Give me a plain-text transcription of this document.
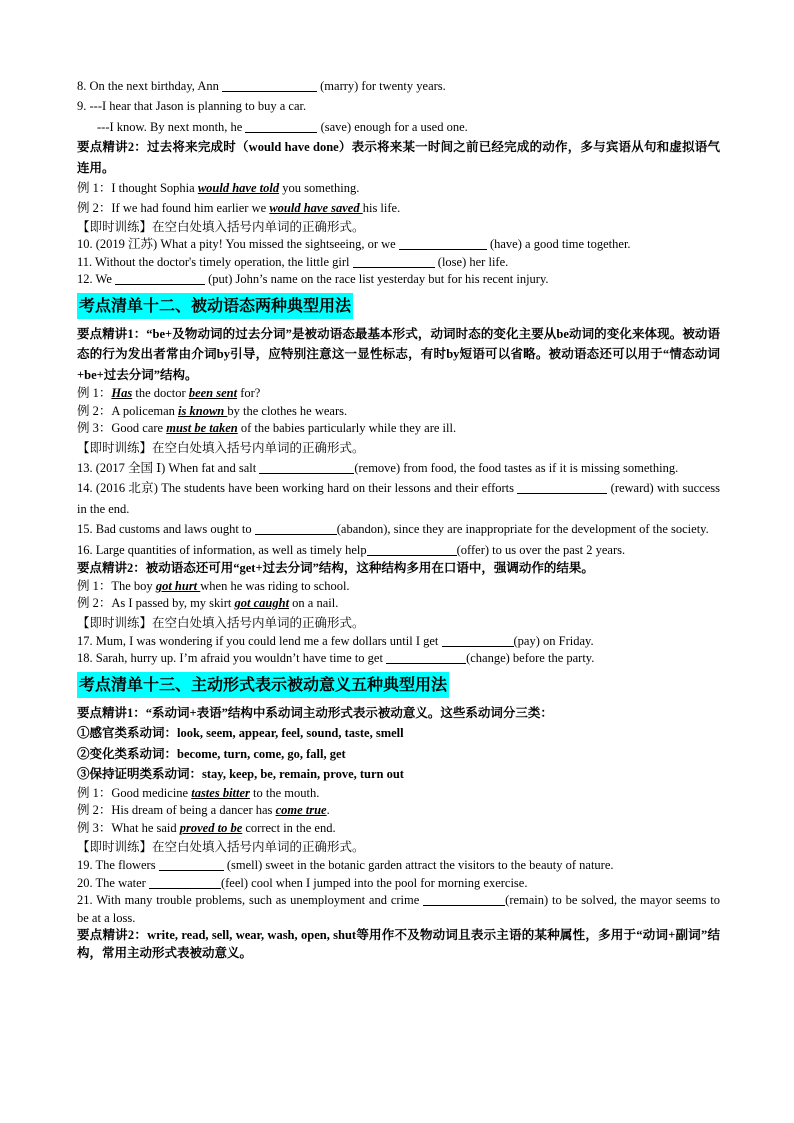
8. On the next birthday, Ann	(marry) for twenty years.
9. ---I hear that Jason is planning to buy a car.
---I know. By next month, he	(save) enough for a used one.
要点精讲2：过去将来完成时（would have done）表示将来某一时间之前已经完成的动作，多与宾语从句和虚拟语气连用。
例 1：I thought Sophia would have told you something.
例 2：If we had found him earlier we would have saved his life.
【即时训练】在空白处填入括号内单词的正确形式。
10. (2019 江苏) What a pity! You missed the sightseeing, or we	(have) a good time together.
11. Without the doctor's timely operation, the little girl	(lose) her life.
12. We	(put) John’s name on the race list yesterday but for his recent injury.
考点清单十二、被动语态两种典型用法
要点精讲1：“be+及物动词的过去分词”是被动语态最基本形式，动词时态的变化主要从be动词的变化来体现。被动语态的行为发出者常由介词by引导，应特别注意这一显性标志，有时by短语可以省略。被动语态还可以用于“情态动词+be+过去分词”结构。
例 1：Has the doctor been sent for?
例 2：A policeman is known by the clothes he wears.
例 3：Good care must be taken of the babies particularly while they are ill.
【即时训练】在空白处填入括号内单词的正确形式。
13. (2017 全国 Ⅰ) When fat and salt	(remove) from food, the food tastes as if it is missing something.
14. (2016 北京) The students have been working hard on their lessons and their efforts	(reward) with success in the end.
15. Bad customs and laws ought to	(abandon), since they are inappropriate for the development of the society.
16. Large quantities of information, as well as timely help	(offer) to us over the past 2 years.
要点精讲2：被动语态还可用“get+过去分词”结构，这种结构多用在口语中，强调动作的结果。
例 1：The boy got hurt when he was riding to school.
例 2：As I passed by, my skirt got caught on a nail.
【即时训练】在空白处填入括号内单词的正确形式。
17. Mum, I was wondering if you could lend me a few dollars until I get	(pay) on Friday.
18. Sarah, hurry up. I’m afraid you wouldn’t have time to get	(change) before the party.
考点清单十三、主动形式表示被动意义五种典型用法
要点精讲1：“系动词+表语”结构中系动词主动形式表示被动意义。这些系动词分三类：
①感官类系动词：look, seem, appear, feel, sound, taste, smell
②变化类系动词：become, turn, come, go, fall, get
③保持证明类系动词：stay, keep, be, remain, prove, turn out
例 1：Good medicine tastes bitter to the mouth.
例 2：His dream of being a dancer has come true.
例 3：What he said proved to be correct in the end.
【即时训练】在空白处填入括号内单词的正确形式。
19. The flowers	(smell) sweet in the botanic garden attract the visitors to the beauty of nature.
20. The water	(feel) cool when I jumped into the pool for morning exercise.
21. With many trouble problems, such as unemployment and crime	(remain) to be solved, the mayor seems to be at a loss.
要点精讲2：write, read, sell, wear, wash, open, shut等用作不及物动词且表示主语的某种属性，多用于“动词+副词”结构，常用主动形式表被动意义。
